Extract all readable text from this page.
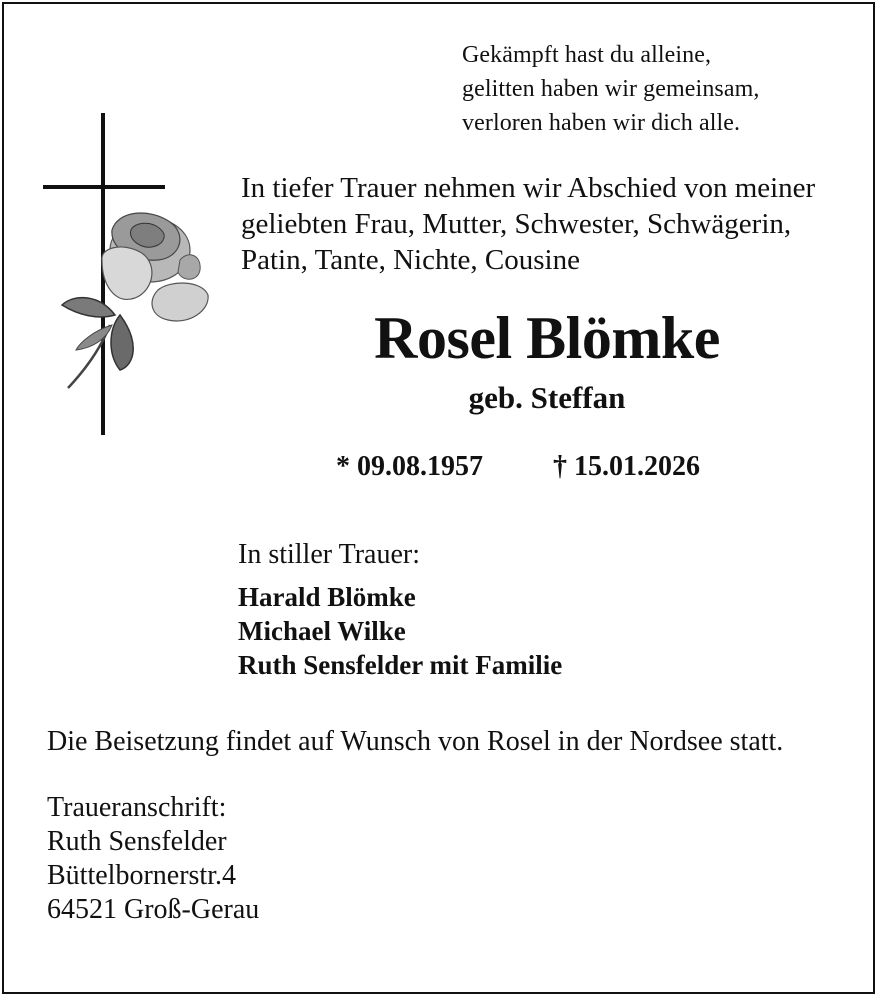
Gekämpft hast du alleine,
gelitten haben wir gemeinsam,
verloren haben wir dich alle.
In tiefer Trauer nehmen wir Abschied von meiner
geliebten Frau, Mutter, Schwester, Schwägerin,
Patin, Tante, Nichte, Cousine
Rosel Blömke
geb. Steffan
* 09.08.1957	† 15.01.2026
In stiller Trauer:
Harald Blömke
Michael Wilke
Ruth Sensfelder mit Familie
Die Beisetzung findet auf Wunsch von Rosel in der Nordsee statt.
Traueranschrift:
Ruth Sensfelder
Büttelbornerstr.4
64521 Groß-Gerau
